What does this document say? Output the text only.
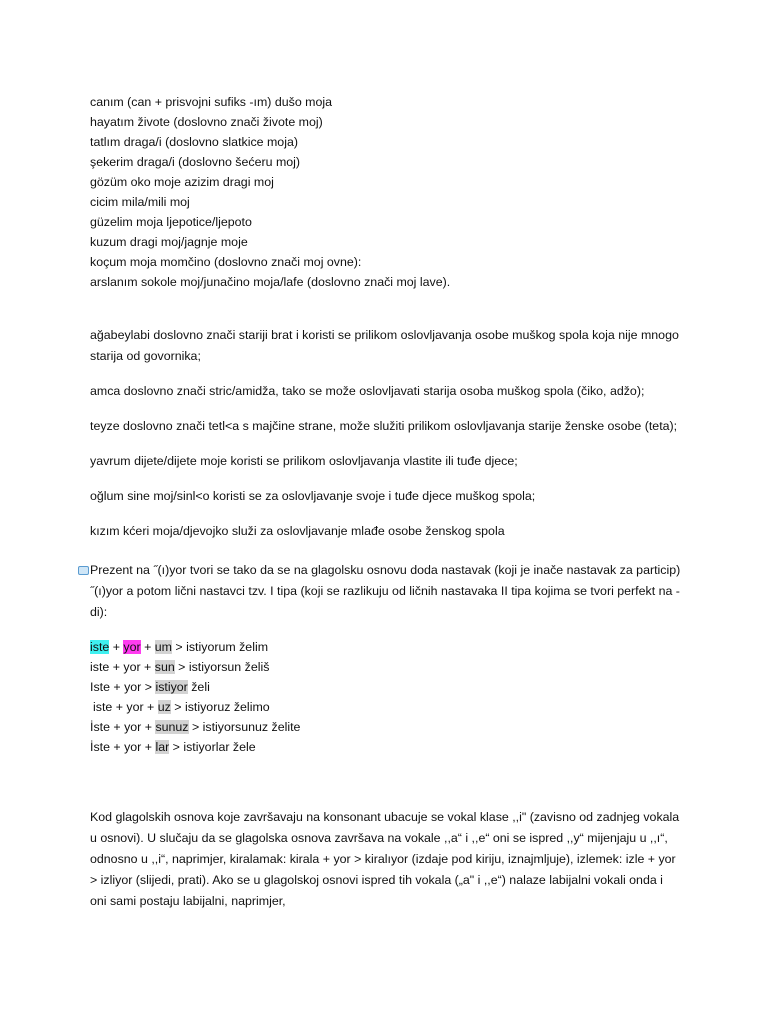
canım (can + prisvojni sufiks -ım) dušo moja
hayatım živote (doslovno znači živote moj)
tatlım draga/i (doslovno slatkice moja)
şekerim draga/i (doslovno šećeru moj)
gözüm oko moje azizim dragi moj
cicim mila/mili moj
güzelim moja ljepotice/ljepoto
kuzum dragi moj/jagnje moje
koçum moja momčino (doslovno znači moj ovne):
arslanım sokole moj/junačino moja/lafe (doslovno znači moj lave).

ağabeylabi doslovno znači stariji brat i koristi se prilikom oslovljavanja osobe muškog spola koja nije mnogo starija od govornika;

amca doslovno znači stric/amidža, tako se može oslovljavati starija osoba muškog spola (čiko, adžo);

teyze doslovno znači tetl<a s majčine strane, može služiti prilikom oslovljavanja starije ženske osobe (teta);

yavrum dijete/dijete moje koristi se prilikom oslovljavanja vlastite ili tuđe djece;

oğlum sine moj/sinl<o koristi se za oslovljavanje svoje i tuđe djece muškog spola;

kızım kćeri moja/djevojko služi za oslovljavanje mlađe osobe ženskog spola

Prezent na ˝(ı)yor tvori se tako da se na glagolsku osnovu doda nastavak (koji je inače nastavak za particip) ˝(ı)yor a potom lični nastavci tzv. I tipa (koji se razlikuju od ličnih nastavaka II tipa kojima se tvori perfekt na -di):

iste + yor + um > istiyorum želim
iste + yor + sun > istiyorsun želiš
Iste + yor > istiyor želi
iste + yor + uz > istiyoruz želimo
İste + yor + sunuz > istiyorsunuz želite
İste + yor + lar > istiyorlar žele

Kod glagolskih osnova koje završavaju na konsonant ubacuje se vokal klase ,,i" (zavisno od zadnjeg vokala u osnovi). U slučaju da se glagolska osnova završava na vokale ,,a“ i ,,e“ oni se ispred ,,y“ mijenjaju u ,,ı“, odnosno u ,,i“, naprimjer, kiralamak: kirala + yor > kiralıyor (izdaje pod kiriju, iznajmljuje), izlemek: izle + yor > izliyor (slijedi, prati). Ako se u glagolskoj osnovi ispred tih vokala („a" i ,,e“) nalaze labijalni vokali onda i oni sami postaju labijalni, naprimjer,
